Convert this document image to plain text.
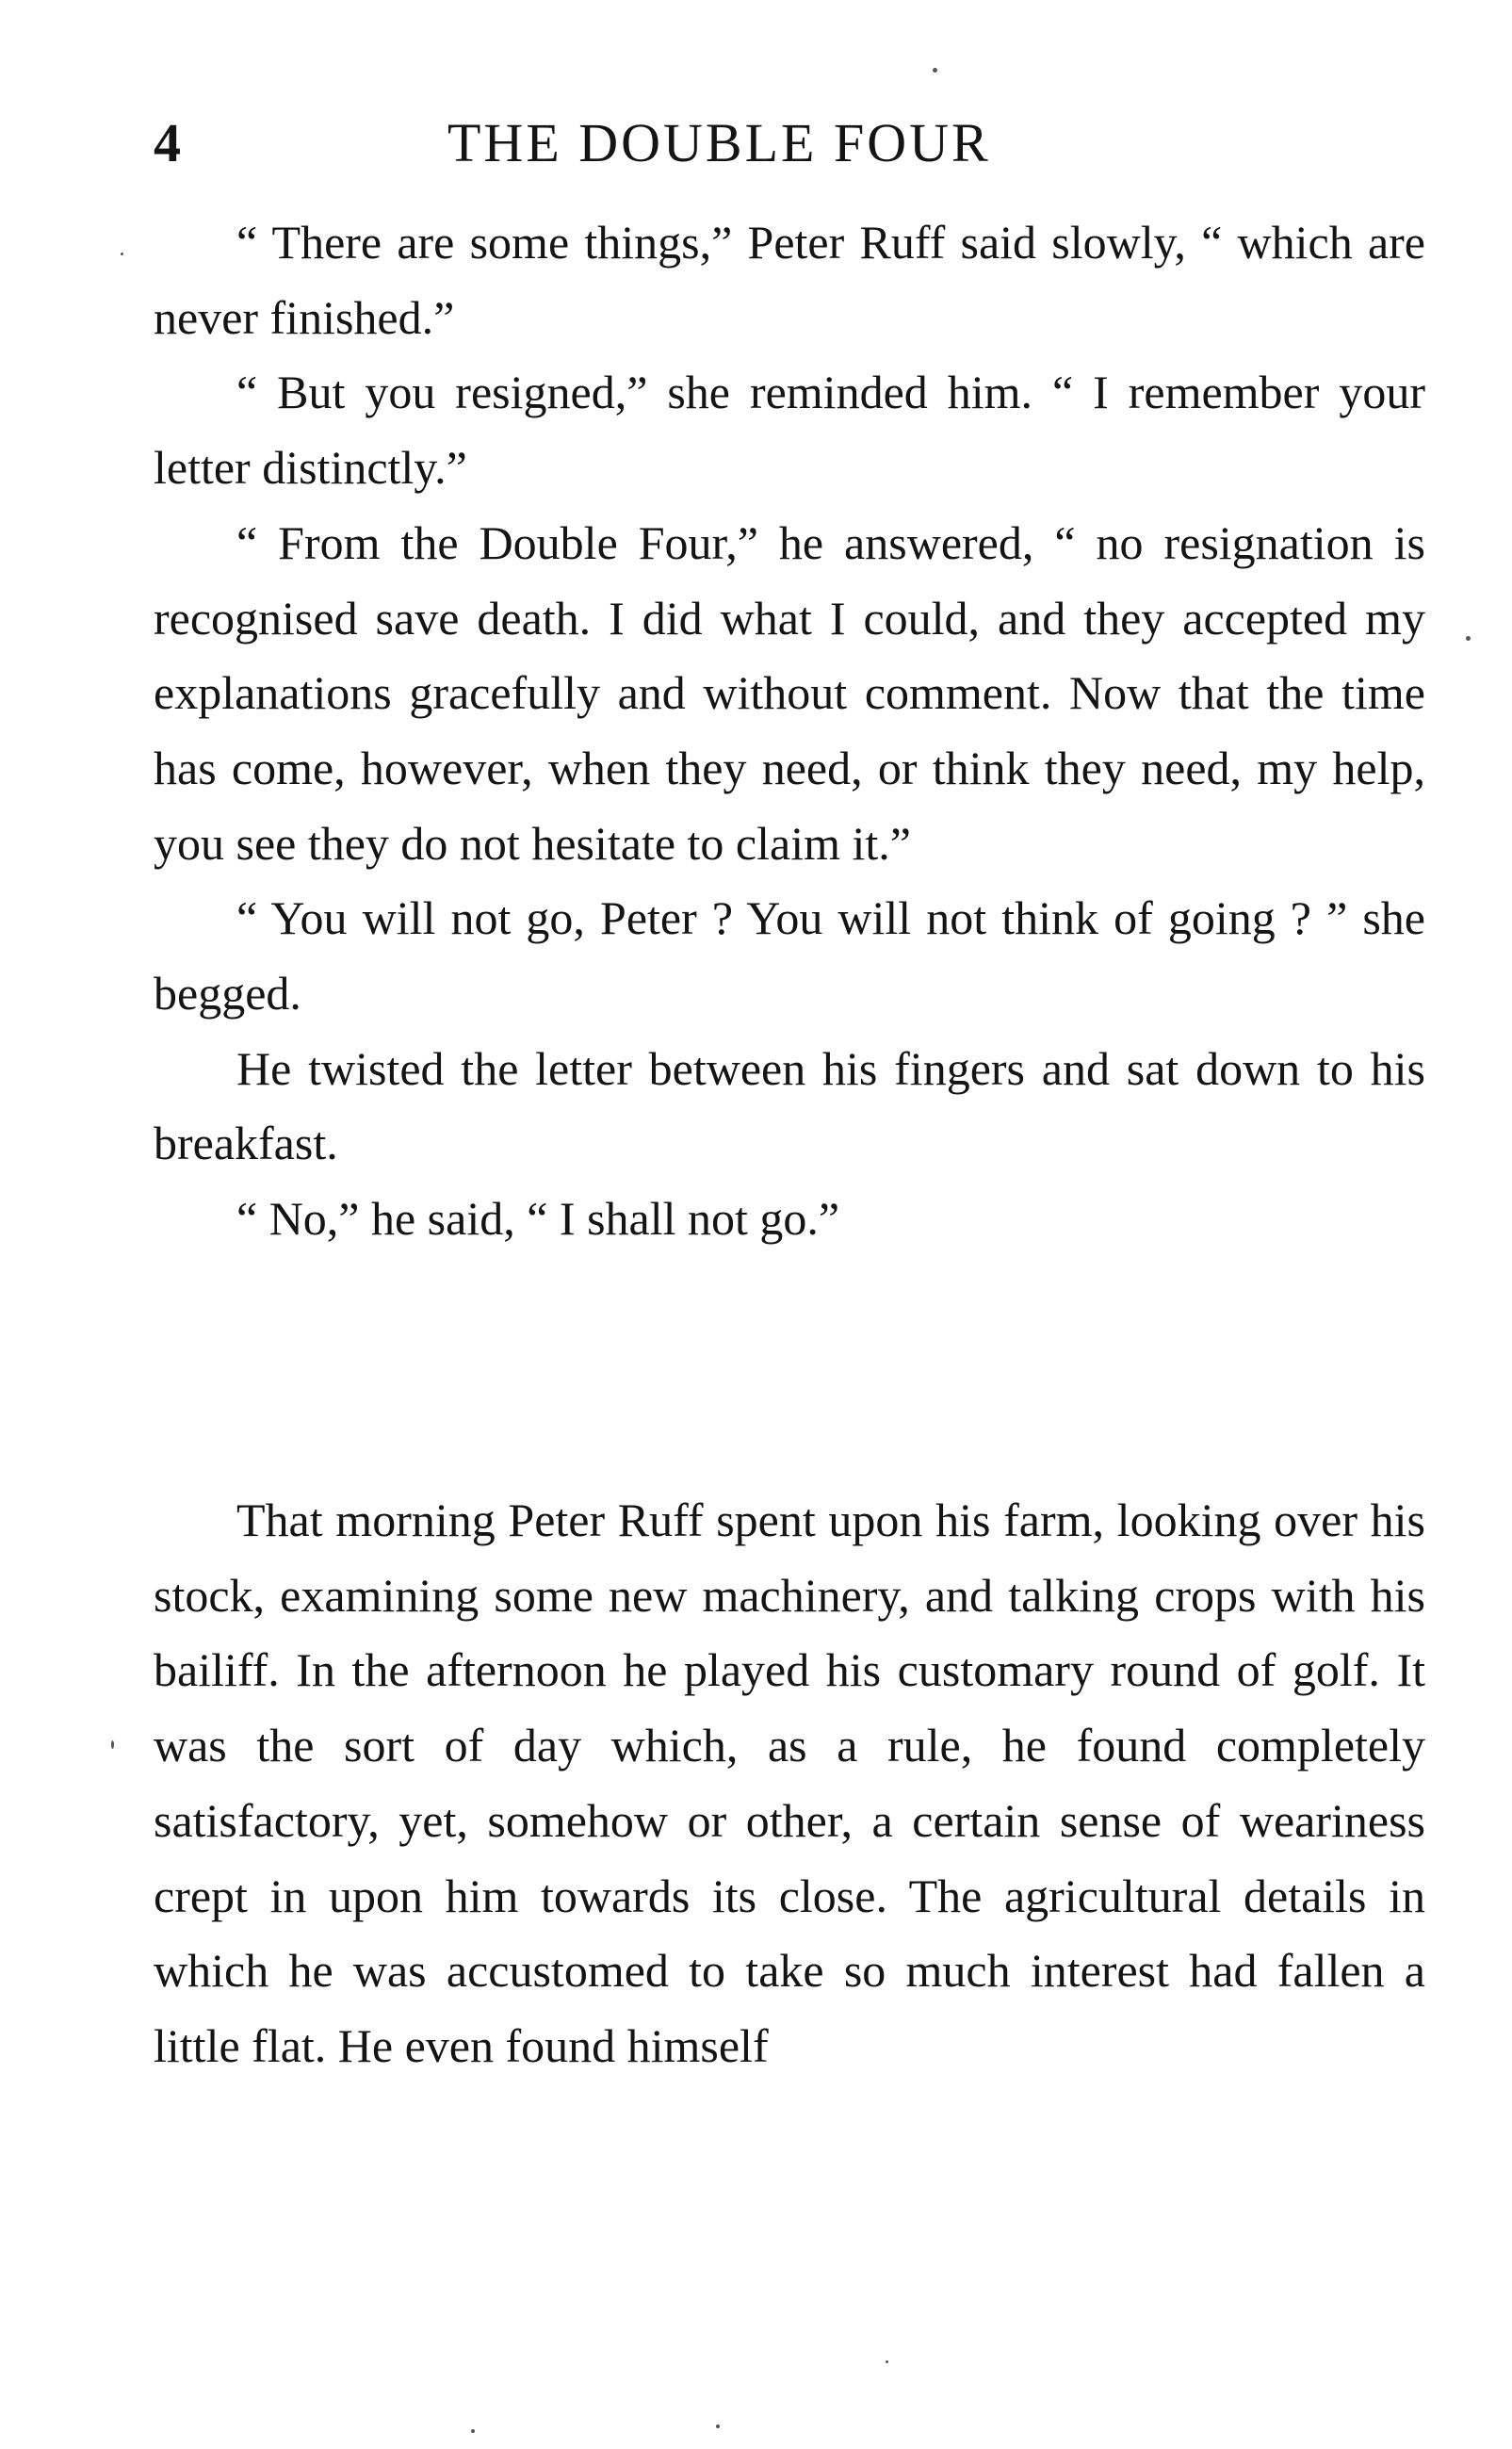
4	THE DOUBLE FOUR

“ There are some things,” Peter Ruff said slowly, “ which are never finished.”

“ But you resigned,” she reminded him. “ I remember your letter distinctly.”

“ From the Double Four,” he answered, “ no resignation is recognised save death. I did what I could, and they accepted my explanations gracefully and without comment. Now that the time has come, however, when they need, or think they need, my help, you see they do not hesitate to claim it.”

“ You will not go, Peter ? You will not think of going ? ” she begged.

He twisted the letter between his fingers and sat down to his breakfast.

“ No,” he said, “ I shall not go.”

That morning Peter Ruff spent upon his farm, looking over his stock, examining some new machinery, and talking crops with his bailiff. In the afternoon he played his customary round of golf. It was the sort of day which, as a rule, he found completely satisfactory, yet, somehow or other, a certain sense of weariness crept in upon him towards its close. The agricultural details in which he was accustomed to take so much interest had fallen a little flat. He even found himself
